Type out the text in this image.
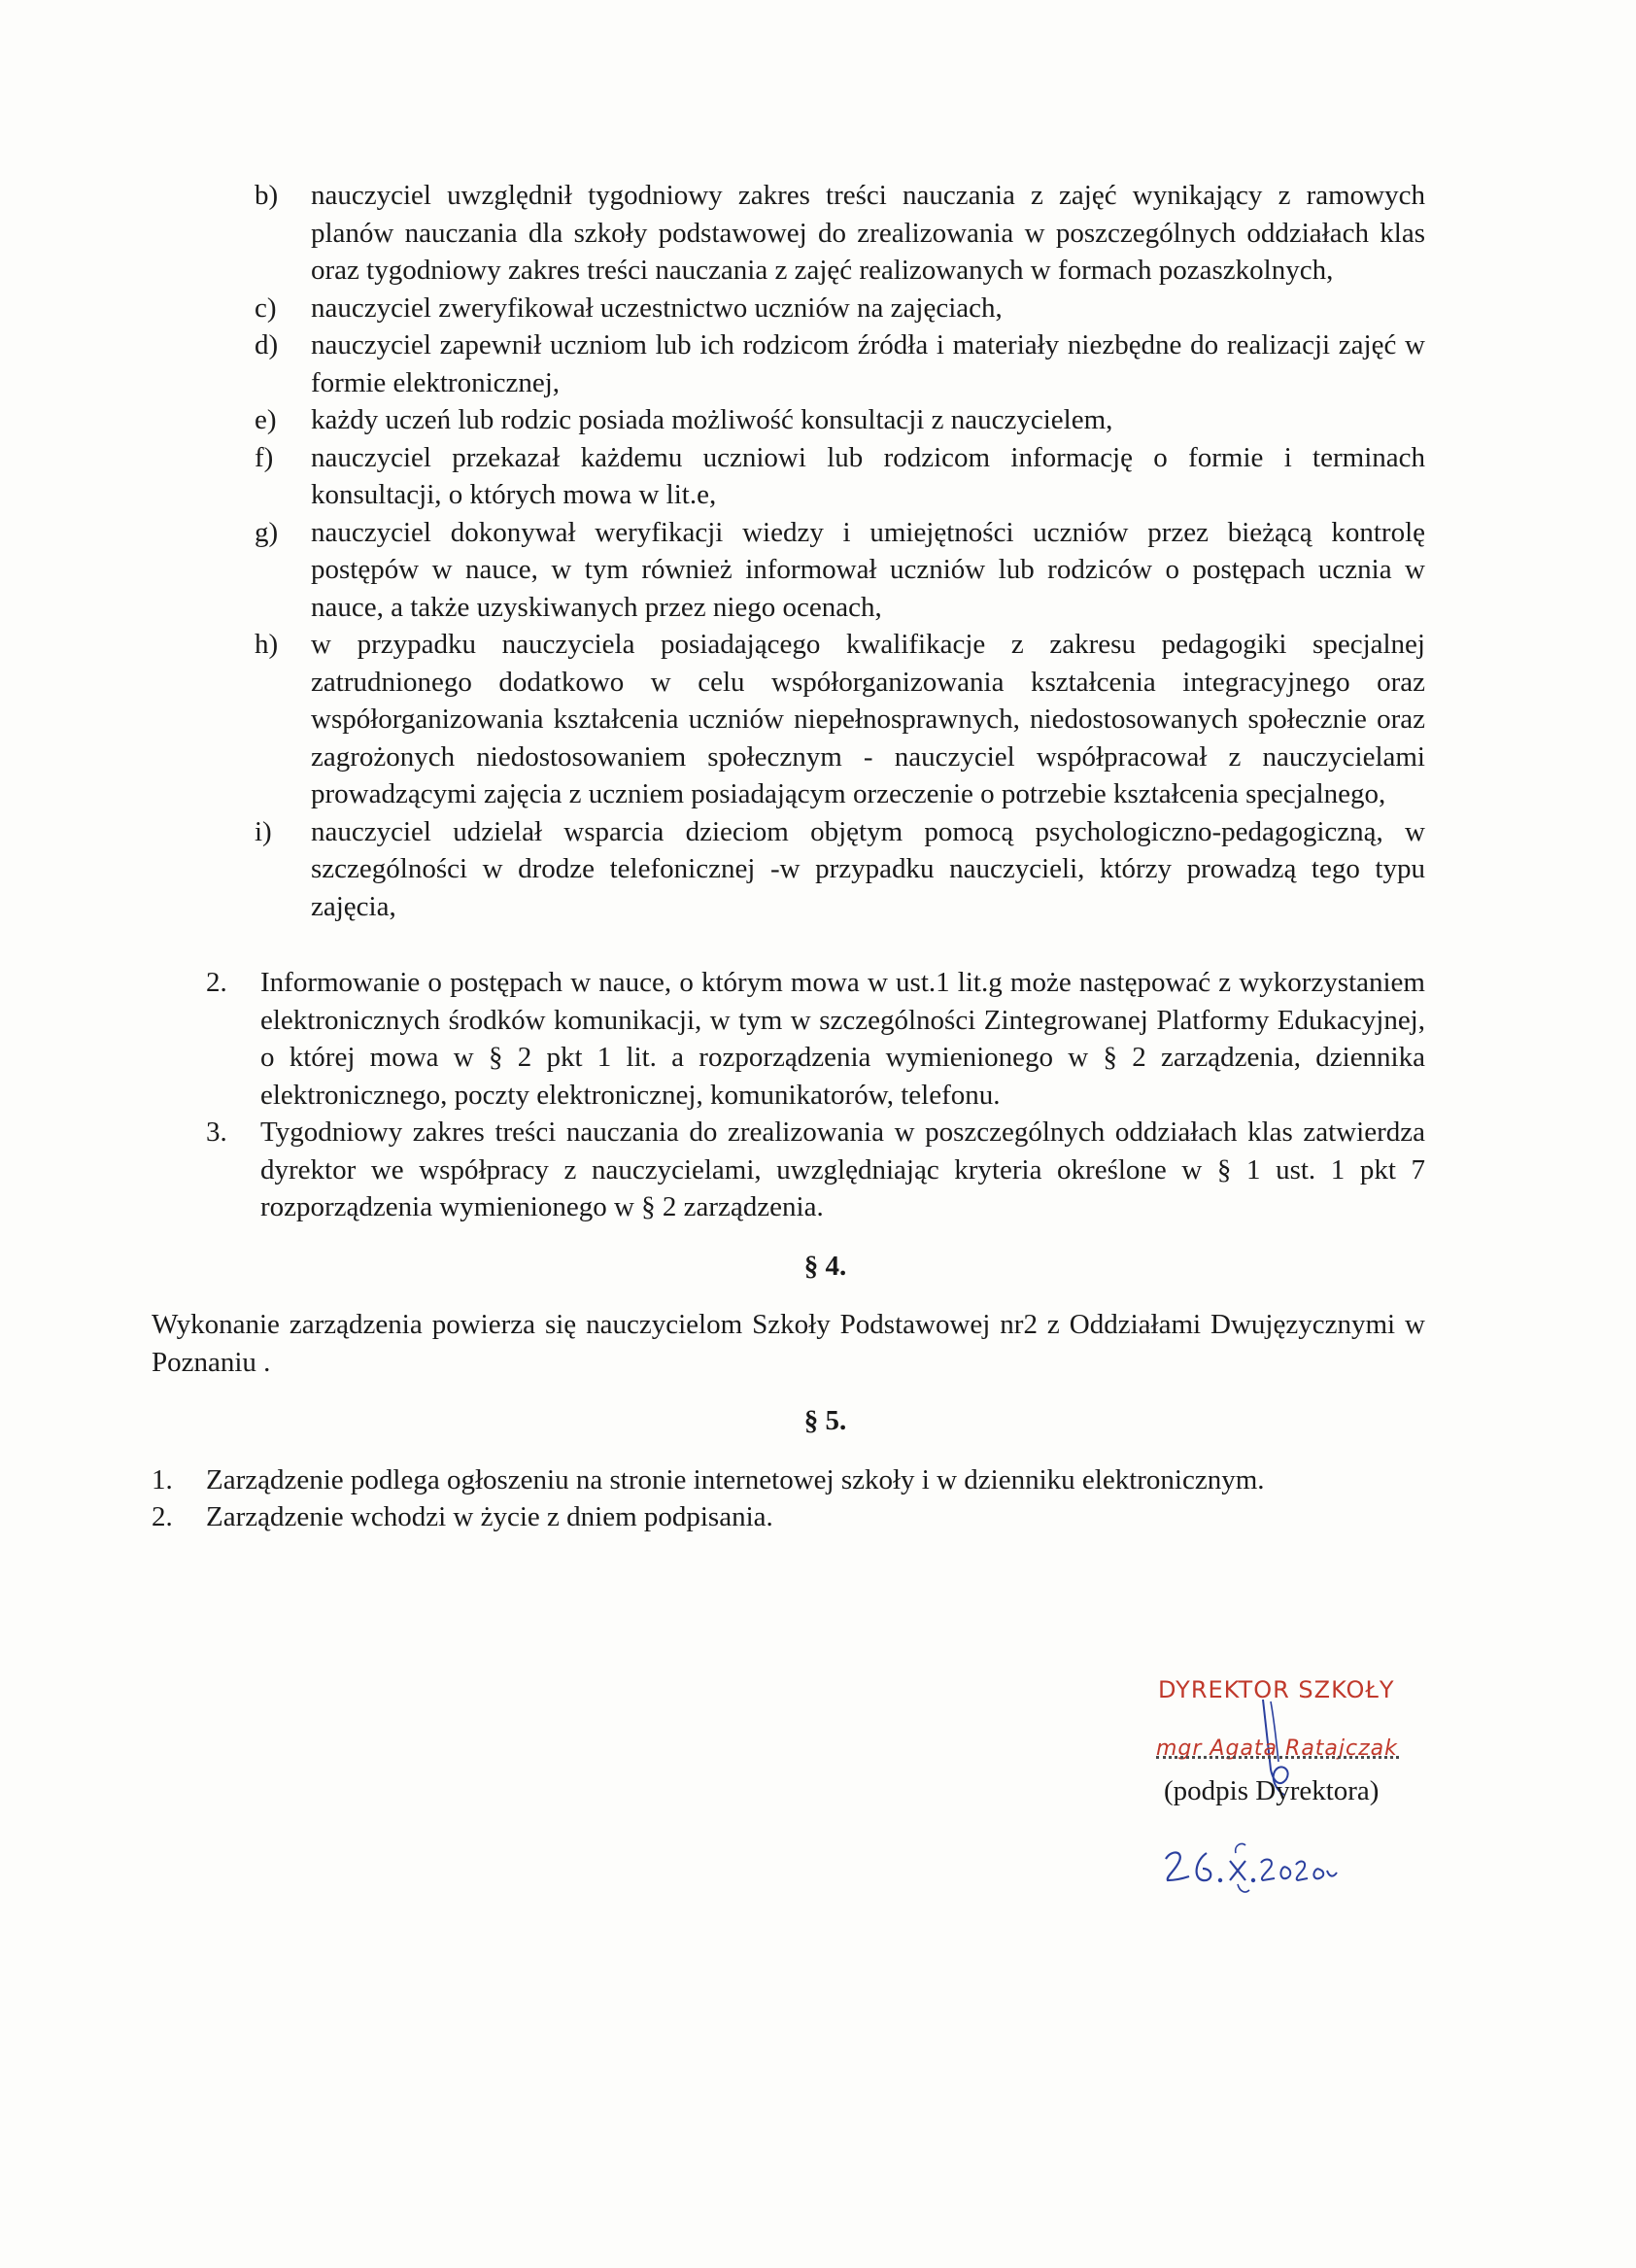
b) nauczyciel uwzględnił tygodniowy zakres treści nauczania z zajęć wynikający z ramowych planów nauczania dla szkoły podstawowej do zrealizowania w poszczególnych oddziałach klas oraz tygodniowy zakres treści nauczania z zajęć realizowanych w formach pozaszkolnych,
c) nauczyciel zweryfikował uczestnictwo uczniów na zajęciach,
d) nauczyciel zapewnił uczniom lub ich rodzicom źródła i materiały niezbędne do realizacji zajęć w formie elektronicznej,
e) każdy uczeń lub rodzic posiada możliwość konsultacji z nauczycielem,
f) nauczyciel przekazał każdemu uczniowi lub rodzicom informację o formie i terminach konsultacji, o których mowa w lit.e,
g) nauczyciel dokonywał weryfikacji wiedzy i umiejętności uczniów przez bieżącą kontrolę postępów w nauce, w tym również informował uczniów lub rodziców o postępach ucznia w nauce, a także uzyskiwanych przez niego ocenach,
h) w przypadku nauczyciela posiadającego kwalifikacje z zakresu pedagogiki specjalnej zatrudnionego dodatkowo w celu współorganizowania kształcenia integracyjnego oraz współorganizowania kształcenia uczniów niepełnosprawnych, niedostosowanych społecznie oraz zagrożonych niedostosowaniem społecznym - nauczyciel współpracował z nauczycielami prowadzącymi zajęcia z uczniem posiadającym orzeczenie o potrzebie kształcenia specjalnego,
i) nauczyciel udzielał wsparcia dzieciom objętym pomocą psychologiczno-pedagogiczną, w szczególności w drodze telefonicznej -w przypadku nauczycieli, którzy prowadzą tego typu zajęcia,
2. Informowanie o postępach w nauce, o którym mowa w ust.1 lit.g może następować z wykorzystaniem elektronicznych środków komunikacji, w tym w szczególności Zintegrowanej Platformy Edukacyjnej, o której mowa w § 2 pkt 1 lit. a rozporządzenia wymienionego w § 2 zarządzenia, dziennika elektronicznego, poczty elektronicznej, komunikatorów, telefonu.
3. Tygodniowy zakres treści nauczania do zrealizowania w poszczególnych oddziałach klas zatwierdza dyrektor we współpracy z nauczycielami, uwzględniając kryteria określone w § 1 ust. 1 pkt 7 rozporządzenia wymienionego w § 2 zarządzenia.
§ 4.
Wykonanie zarządzenia powierza się nauczycielom Szkoły Podstawowej nr2 z Oddziałami Dwujęzycznymi w Poznaniu .
§ 5.
1. Zarządzenie podlega ogłoszeniu na stronie internetowej szkoły i w dzienniku elektronicznym.
2. Zarządzenie wchodzi w życie z dniem podpisania.
DYREKTOR SZKOŁY
mgr Agata Ratajczak
(podpis Dyrektora)
